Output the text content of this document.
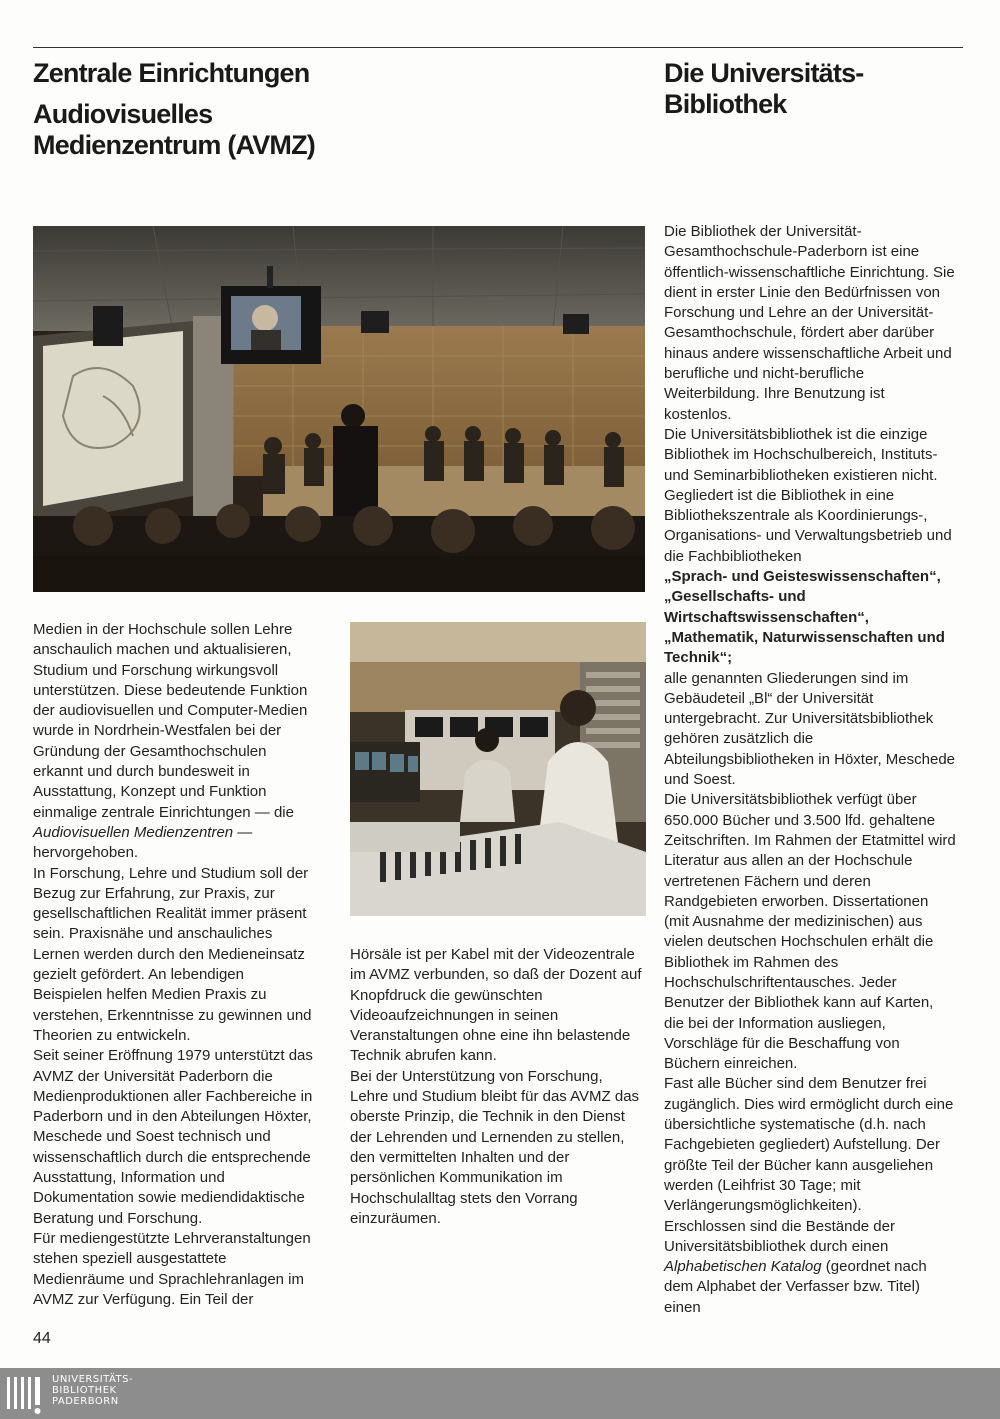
Zentrale Einrichtungen
Audiovisuelles
Medienzentrum (AVMZ)
Die Universitäts-
Bibliothek

Medien in der Hochschule sollen Lehre anschaulich machen und aktualisieren, Studium und Forschung wirkungsvoll unterstützen. Diese bedeutende Funktion der audiovisuellen und Computer-Medien wurde in Nordrhein-Westfalen bei der Gründung der Gesamthochschulen erkannt und durch bundesweit in Ausstattung, Konzept und Funktion einmalige zentrale Einrichtungen — die Audiovisuellen Medienzentren — hervorgehoben.

In Forschung, Lehre und Studium soll der Bezug zur Erfahrung, zur Praxis, zur gesellschaftlichen Realität immer präsent sein. Praxisnähe und anschauliches Lernen werden durch den Medieneinsatz gezielt gefördert. An lebendigen Beispielen helfen Medien Praxis zu verstehen, Erkenntnisse zu gewinnen und Theorien zu entwickeln.

Seit seiner Eröffnung 1979 unterstützt das AVMZ der Universität Paderborn die Medienproduktionen aller Fachbereiche in Paderborn und in den Abteilungen Höxter, Meschede und Soest technisch und wissenschaftlich durch die entsprechende Ausstattung, Information und Dokumentation sowie mediendidaktische Beratung und Forschung.

Für mediengestützte Lehrveranstaltungen stehen speziell ausgestattete Medienräume und Sprachlehranlagen im AVMZ zur Verfügung. Ein Teil der

Hörsäle ist per Kabel mit der Videozentrale im AVMZ verbunden, so daß der Dozent auf Knopfdruck die gewünschten Videoaufzeichnungen in seinen Veranstaltungen ohne eine ihn belastende Technik abrufen kann.

Bei der Unterstützung von Forschung, Lehre und Studium bleibt für das AVMZ das oberste Prinzip, die Technik in den Dienst der Lehrenden und Lernenden zu stellen, den vermittelten Inhalten und der persönlichen Kommunikation im Hochschulalltag stets den Vorrang einzuräumen.

Die Bibliothek der Universität-Gesamthochschule-Paderborn ist eine öffentlich-wissenschaftliche Einrichtung. Sie dient in erster Linie den Bedürfnissen von Forschung und Lehre an der Universität-Gesamthochschule, fördert aber darüber hinaus andere wissenschaftliche Arbeit und berufliche und nicht-berufliche Weiterbildung. Ihre Benutzung ist kostenlos.

Die Universitätsbibliothek ist die einzige Bibliothek im Hochschulbereich, Instituts- und Seminarbibliotheken existieren nicht. Gegliedert ist die Bibliothek in eine Bibliothekszentrale als Koordinierungs-, Organisations- und Verwaltungsbetrieb und die Fachbibliotheken

„Sprach- und Geisteswissenschaften“,

„Gesellschafts- und Wirtschaftswissenschaften“,

„Mathematik, Naturwissenschaften und Technik“;

alle genannten Gliederungen sind im Gebäudeteil „Bl“ der Universität untergebracht. Zur Universitätsbibliothek gehören zusätzlich die Abteilungsbibliotheken in Höxter, Meschede und Soest.

Die Universitätsbibliothek verfügt über 650.000 Bücher und 3.500 lfd. gehaltene Zeitschriften. Im Rahmen der Etatmittel wird Literatur aus allen an der Hochschule vertretenen Fächern und deren Randgebieten erworben. Dissertationen (mit Ausnahme der medizinischen) aus vielen deutschen Hochschulen erhält die Bibliothek im Rahmen des Hochschulschriftentausches. Jeder Benutzer der Bibliothek kann auf Karten, die bei der Information ausliegen, Vorschläge für die Beschaffung von Büchern einreichen.

Fast alle Bücher sind dem Benutzer frei zugänglich. Dies wird ermöglicht durch eine übersichtliche systematische (d.h. nach Fachgebieten gegliedert) Aufstellung. Der größte Teil der Bücher kann ausgeliehen werden (Leihfrist 30 Tage; mit Verlängerungsmöglichkeiten).

Erschlossen sind die Bestände der Universitätsbibliothek durch einen Alphabetischen Katalog (geordnet nach dem Alphabet der Verfasser bzw. Titel) einen

44
UNIVERSITÄTS-
BIBLIOTHEK
PADERBORN
